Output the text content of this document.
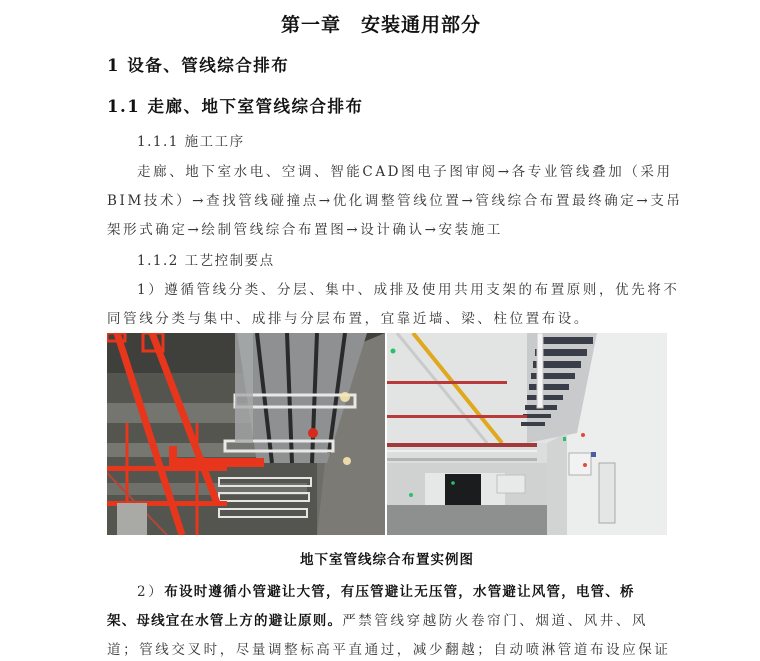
第一章　安装通用部分
1 设备、管线综合排布
1.1 走廊、地下室管线综合排布
1.1.1 施工工序
走廊、地下室水电、空调、智能CAD图电子图审阅→各专业管线叠加（采用
BIM技术）→查找管线碰撞点→优化调整管线位置→管线综合布置最终确定→支吊
架形式确定→绘制管线综合布置图→设计确认→安装施工
1.1.2 工艺控制要点
1）遵循管线分类、分层、集中、成排及使用共用支架的布置原则，优先将不
同管线分类与集中、成排与分层布置，宜靠近墙、梁、柱位置布设。
地下室管线综合布置实例图
2）布设时遵循小管避让大管，有压管避让无压管，水管避让风管，电管、桥
架、母线宜在水管上方的避让原则。严禁管线穿越防火卷帘门、烟道、风井、风
道；管线交叉时，尽量调整标高平直通过，减少翻越；自动喷淋管道布设应保证
